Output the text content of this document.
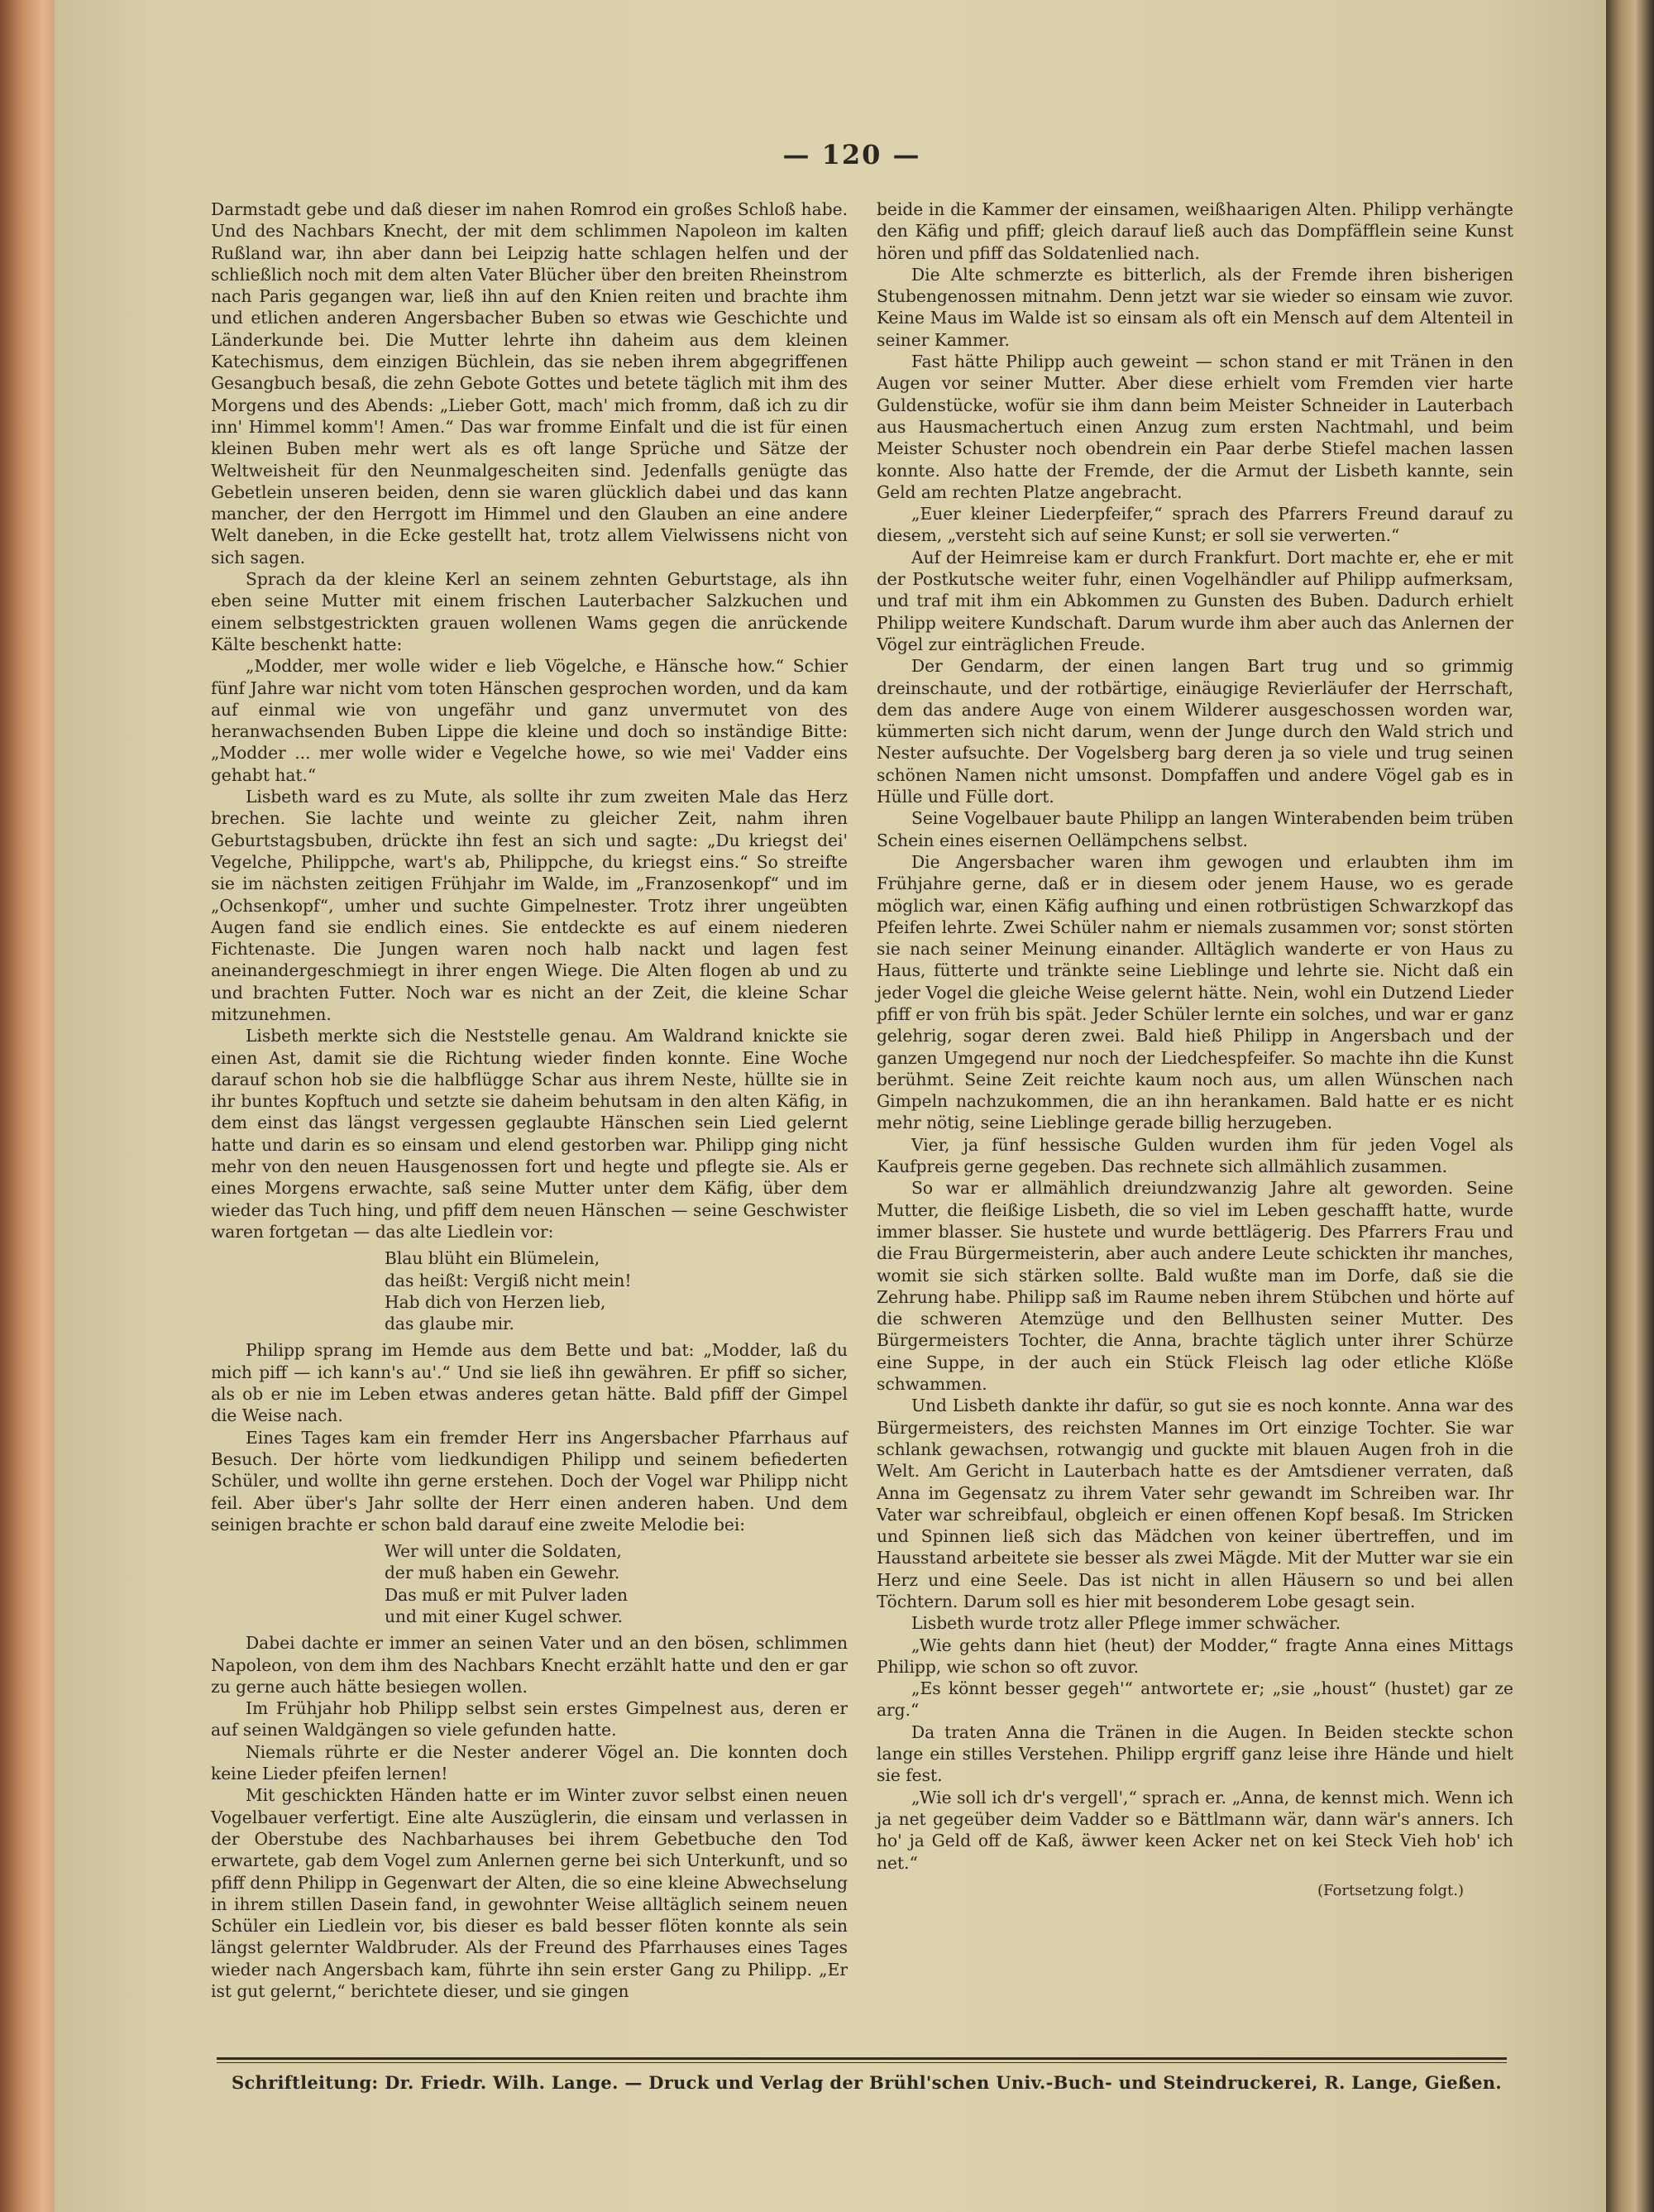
— 120 —

Darmstadt gebe und daß dieser im nahen Romrod ein großes Schloß habe. Und des Nachbars Knecht, der mit dem schlimmen Napoleon im kalten Rußland war, ihn aber dann bei Leipzig hatte schlagen helfen und der schließlich noch mit dem alten Vater Blücher über den breiten Rheinstrom nach Paris gegangen war, ließ ihn auf den Knien reiten und brachte ihm und etlichen anderen Angersbacher Buben so etwas wie Geschichte und Länderkunde bei. Die Mutter lehrte ihn daheim aus dem kleinen Katechismus, dem einzigen Büchlein, das sie neben ihrem abgegriffenen Gesangbuch besaß, die zehn Gebote Gottes und betete täglich mit ihm des Morgens und des Abends: „Lieber Gott, mach' mich fromm, daß ich zu dir inn' Himmel komm'! Amen.“ Das war fromme Einfalt und die ist für einen kleinen Buben mehr wert als es oft lange Sprüche und Sätze der Weltweisheit für den Neunmalgescheiten sind. Jedenfalls genügte das Gebetlein unseren beiden, denn sie waren glücklich dabei und das kann mancher, der den Herrgott im Himmel und den Glauben an eine andere Welt daneben, in die Ecke gestellt hat, trotz allem Vielwissens nicht von sich sagen.

Sprach da der kleine Kerl an seinem zehnten Geburtstage, als ihn eben seine Mutter mit einem frischen Lauterbacher Salzkuchen und einem selbstgestrickten grauen wollenen Wams gegen die anrückende Kälte beschenkt hatte:

„Modder, mer wolle wider e lieb Vögelche, e Hänsche how.“ Schier fünf Jahre war nicht vom toten Hänschen gesprochen worden, und da kam auf einmal wie von ungefähr und ganz unvermutet von des heranwachsenden Buben Lippe die kleine und doch so inständige Bitte: „Modder ... mer wolle wider e Vegelche howe, so wie mei' Vadder eins gehabt hat.“

Lisbeth ward es zu Mute, als sollte ihr zum zweiten Male das Herz brechen. Sie lachte und weinte zu gleicher Zeit, nahm ihren Geburtstagsbuben, drückte ihn fest an sich und sagte: „Du kriegst dei' Vegelche, Philippche, wart's ab, Philippche, du kriegst eins.“ So streifte sie im nächsten zeitigen Frühjahr im Walde, im „Franzosenkopf“ und im „Ochsenkopf“, umher und suchte Gimpelnester. Trotz ihrer ungeübten Augen fand sie endlich eines. Sie entdeckte es auf einem niederen Fichtenaste. Die Jungen waren noch halb nackt und lagen fest aneinandergeschmiegt in ihrer engen Wiege. Die Alten flogen ab und zu und brachten Futter. Noch war es nicht an der Zeit, die kleine Schar mitzunehmen.

Lisbeth merkte sich die Neststelle genau. Am Waldrand knickte sie einen Ast, damit sie die Richtung wieder finden konnte. Eine Woche darauf schon hob sie die halbflügge Schar aus ihrem Neste, hüllte sie in ihr buntes Kopftuch und setzte sie daheim behutsam in den alten Käfig, in dem einst das längst vergessen geglaubte Hänschen sein Lied gelernt hatte und darin es so einsam und elend gestorben war. Philipp ging nicht mehr von den neuen Hausgenossen fort und hegte und pflegte sie. Als er eines Morgens erwachte, saß seine Mutter unter dem Käfig, über dem wieder das Tuch hing, und pfiff dem neuen Hänschen — seine Geschwister waren fortgetan — das alte Liedlein vor:

Blau blüht ein Blümelein,
das heißt: Vergiß nicht mein!
Hab dich von Herzen lieb,
das glaube mir.

Philipp sprang im Hemde aus dem Bette und bat: „Modder, laß du mich piff — ich kann's au'.“ Und sie ließ ihn gewähren. Er pfiff so sicher, als ob er nie im Leben etwas anderes getan hätte. Bald pfiff der Gimpel die Weise nach.

Eines Tages kam ein fremder Herr ins Angersbacher Pfarrhaus auf Besuch. Der hörte vom liedkundigen Philipp und seinem befiederten Schüler, und wollte ihn gerne erstehen. Doch der Vogel war Philipp nicht feil. Aber über's Jahr sollte der Herr einen anderen haben. Und dem seinigen brachte er schon bald darauf eine zweite Melodie bei:

Wer will unter die Soldaten,
der muß haben ein Gewehr.
Das muß er mit Pulver laden
und mit einer Kugel schwer.

Dabei dachte er immer an seinen Vater und an den bösen, schlimmen Napoleon, von dem ihm des Nachbars Knecht erzählt hatte und den er gar zu gerne auch hätte besiegen wollen.

Im Frühjahr hob Philipp selbst sein erstes Gimpelnest aus, deren er auf seinen Waldgängen so viele gefunden hatte.

Niemals rührte er die Nester anderer Vögel an. Die konnten doch keine Lieder pfeifen lernen!

Mit geschickten Händen hatte er im Winter zuvor selbst einen neuen Vogelbauer verfertigt. Eine alte Auszüglerin, die einsam und verlassen in der Oberstube des Nachbarhauses bei ihrem Gebetbuche den Tod erwartete, gab dem Vogel zum Anlernen gerne bei sich Unterkunft, und so pfiff denn Philipp in Gegenwart der Alten, die so eine kleine Abwechselung in ihrem stillen Dasein fand, in gewohnter Weise alltäglich seinem neuen Schüler ein Liedlein vor, bis dieser es bald besser flöten konnte als sein längst gelernter Waldbruder. Als der Freund des Pfarrhauses eines Tages wieder nach Angersbach kam, führte ihn sein erster Gang zu Philipp. „Er ist gut gelernt,“ berichtete dieser, und sie gingen

beide in die Kammer der einsamen, weißhaarigen Alten. Philipp verhängte den Käfig und pfiff; gleich darauf ließ auch das Dompfäfflein seine Kunst hören und pfiff das Soldatenlied nach.

Die Alte schmerzte es bitterlich, als der Fremde ihren bisherigen Stubengenossen mitnahm. Denn jetzt war sie wieder so einsam wie zuvor. Keine Maus im Walde ist so einsam als oft ein Mensch auf dem Altenteil in seiner Kammer.

Fast hätte Philipp auch geweint — schon stand er mit Tränen in den Augen vor seiner Mutter. Aber diese erhielt vom Fremden vier harte Guldenstücke, wofür sie ihm dann beim Meister Schneider in Lauterbach aus Hausmachertuch einen Anzug zum ersten Nachtmahl, und beim Meister Schuster noch obendrein ein Paar derbe Stiefel machen lassen konnte. Also hatte der Fremde, der die Armut der Lisbeth kannte, sein Geld am rechten Platze angebracht.

„Euer kleiner Liederpfeifer,“ sprach des Pfarrers Freund darauf zu diesem, „versteht sich auf seine Kunst; er soll sie verwerten.“

Auf der Heimreise kam er durch Frankfurt. Dort machte er, ehe er mit der Postkutsche weiter fuhr, einen Vogelhändler auf Philipp aufmerksam, und traf mit ihm ein Abkommen zu Gunsten des Buben. Dadurch erhielt Philipp weitere Kundschaft. Darum wurde ihm aber auch das Anlernen der Vögel zur einträglichen Freude.

Der Gendarm, der einen langen Bart trug und so grimmig dreinschaute, und der rotbärtige, einäugige Revierläufer der Herrschaft, dem das andere Auge von einem Wilderer ausgeschossen worden war, kümmerten sich nicht darum, wenn der Junge durch den Wald strich und Nester aufsuchte. Der Vogelsberg barg deren ja so viele und trug seinen schönen Namen nicht umsonst. Dompfaffen und andere Vögel gab es in Hülle und Fülle dort.

Seine Vogelbauer baute Philipp an langen Winterabenden beim trüben Schein eines eisernen Oellämpchens selbst.

Die Angersbacher waren ihm gewogen und erlaubten ihm im Frühjahre gerne, daß er in diesem oder jenem Hause, wo es gerade möglich war, einen Käfig aufhing und einen rotbrüstigen Schwarzkopf das Pfeifen lehrte. Zwei Schüler nahm er niemals zusammen vor; sonst störten sie nach seiner Meinung einander. Alltäglich wanderte er von Haus zu Haus, fütterte und tränkte seine Lieblinge und lehrte sie. Nicht daß ein jeder Vogel die gleiche Weise gelernt hätte. Nein, wohl ein Dutzend Lieder pfiff er von früh bis spät. Jeder Schüler lernte ein solches, und war er ganz gelehrig, sogar deren zwei. Bald hieß Philipp in Angersbach und der ganzen Umgegend nur noch der Liedchespfeifer. So machte ihn die Kunst berühmt. Seine Zeit reichte kaum noch aus, um allen Wünschen nach Gimpeln nachzukommen, die an ihn herankamen. Bald hatte er es nicht mehr nötig, seine Lieblinge gerade billig herzugeben.

Vier, ja fünf hessische Gulden wurden ihm für jeden Vogel als Kaufpreis gerne gegeben. Das rechnete sich allmählich zusammen.

So war er allmählich dreiundzwanzig Jahre alt geworden. Seine Mutter, die fleißige Lisbeth, die so viel im Leben geschafft hatte, wurde immer blasser. Sie hustete und wurde bettlägerig. Des Pfarrers Frau und die Frau Bürgermeisterin, aber auch andere Leute schickten ihr manches, womit sie sich stärken sollte. Bald wußte man im Dorfe, daß sie die Zehrung habe. Philipp saß im Raume neben ihrem Stübchen und hörte auf die schweren Atemzüge und den Bellhusten seiner Mutter. Des Bürgermeisters Tochter, die Anna, brachte täglich unter ihrer Schürze eine Suppe, in der auch ein Stück Fleisch lag oder etliche Klöße schwammen.

Und Lisbeth dankte ihr dafür, so gut sie es noch konnte. Anna war des Bürgermeisters, des reichsten Mannes im Ort einzige Tochter. Sie war schlank gewachsen, rotwangig und guckte mit blauen Augen froh in die Welt. Am Gericht in Lauterbach hatte es der Amtsdiener verraten, daß Anna im Gegensatz zu ihrem Vater sehr gewandt im Schreiben war. Ihr Vater war schreibfaul, obgleich er einen offenen Kopf besaß. Im Stricken und Spinnen ließ sich das Mädchen von keiner übertreffen, und im Hausstand arbeitete sie besser als zwei Mägde. Mit der Mutter war sie ein Herz und eine Seele. Das ist nicht in allen Häusern so und bei allen Töchtern. Darum soll es hier mit besonderem Lobe gesagt sein.

Lisbeth wurde trotz aller Pflege immer schwächer.

„Wie gehts dann hiet (heut) der Modder,“ fragte Anna eines Mittags Philipp, wie schon so oft zuvor.

„Es könnt besser gegeh'“ antwortete er; „sie „houst“ (hustet) gar ze arg.“

Da traten Anna die Tränen in die Augen. In Beiden steckte schon lange ein stilles Verstehen. Philipp ergriff ganz leise ihre Hände und hielt sie fest.

„Wie soll ich dr's vergell',“ sprach er. „Anna, de kennst mich. Wenn ich ja net gegeüber deim Vadder so e Bättlmann wär, dann wär's anners. Ich ho' ja Geld off de Kaß, äwwer keen Acker net on kei Steck Vieh hob' ich net.“

(Fortsetzung folgt.)
Schriftleitung: Dr. Friedr. Wilh. Lange. — Druck und Verlag der Brühl'schen Univ.-Buch- und Steindruckerei, R. Lange, Gießen.
